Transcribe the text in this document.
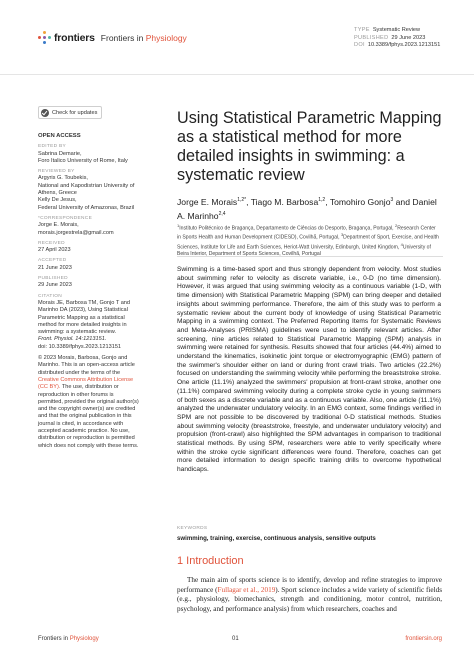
frontiers Frontiers in Physiology
TYPE Systematic Review
PUBLISHED 29 June 2023
DOI 10.3389/fphys.2023.1213151
Check for updates
OPEN ACCESS
EDITED BY

Sabrina Demarie,
Foro Italico University of Rome, Italy

REVIEWED BY

Argyris G. Toubekis,
National and Kapodistrian University of
Athens, Greece
Kelly De Jesus,
Federal University of Amazonas, Brazil

*CORRESPONDENCE

Jorge E. Morais,
morais.jorgestrela@gmail.com

RECEIVED

27 April 2023

ACCEPTED

21 June 2023

PUBLISHED

29 June 2023

CITATION

Morais JE, Barbosa TM, Gonjo T and
Marinho DA (2023), Using Statistical
Parametric Mapping as a statistical
method for more detailed insights in
swimming: a systematic review.
Front. Physiol. 14:1213151.
doi: 10.3389/fphys.2023.1213151

© 2023 Morais, Barbosa, Gonjo and
Marinho. This is an open-access article
distributed under the terms of the
Creative Commons Attribution License
(CC BY). The use, distribution or
reproduction in other forums is
permitted, provided the original author(s)
and the copyright owner(s) are credited
and that the original publication in this
journal is cited, in accordance with
accepted academic practice. No use,
distribution or reproduction is permitted
which does not comply with these terms.

Using Statistical Parametric Mapping as a statistical method for more detailed insights in swimming: a systematic review
Jorge E. Morais$^{1,2*}$, Tiago M. Barbosa$^{1,2}$, Tomohiro Gonjo$^3$ and Daniel A. Marinho$^{2,4}$
$^1$Instituto Politécnico de Bragança, Departamento de Ciências do Desporto, Bragança, Portugal, $^2$Research Center in Sports Health and Human Development (CIDESD), Covilhã, Portugal, $^3$Department of Sport, Exercise, and Health Sciences, Institute for Life and Earth Sciences, Heriot-Watt University, Edinburgh, United Kingdom, $^4$University of Beira Interior, Department of Sports Sciences, Covilhã, Portugal

Swimming is a time-based sport and thus strongly dependent from velocity. Most studies about swimming refer to velocity as discrete variable, i.e., 0-D (no time dimension). However, it was argued that using swimming velocity as a continuous variable (1-D, with time dimension) with Statistical Parametric Mapping (SPM) can bring deeper and detailed insights about swimming performance. Therefore, the aim of this study was to perform a systematic review about the current body of knowledge of using Statistical Parametric Mapping in a swimming context. The Preferred Reporting Items for Systematic Reviews and Meta-Analyses (PRISMA) guidelines were used to identify relevant articles. After screening, nine articles related to Statistical Parametric Mapping (SPM) analysis in swimming were retained for synthesis. Results showed that four articles (44.4%) aimed to understand the kinematics, isokinetic joint torque or electromyographic (EMG) pattern of the swimmer's shoulder either on land or during front crawl trials. Two articles (22.2%) focused on understanding the swimming velocity while performing the breaststroke stroke. One article (11.1%) analyzed the swimmers' propulsion at front-crawl stroke, another one (11.1%) compared swimming velocity during a complete stroke cycle in young swimmers of both sexes as a discrete variable and as a continuous variable. Also, one article (11.1%) analyzed the underwater undulatory velocity. In an EMG context, some findings verified in SPM are not possible to be discovered by traditional 0-D statistical methods. Studies about swimming velocity (breaststroke, freestyle, and underwater undulatory velocity) and propulsion (front-crawl) also highlighted the SPM advantages in comparison to traditional statistical methods. By using SPM, researchers were able to verify specifically where within the stroke cycle significant differences were found. Therefore, coaches can get more detailed information to design specific training drills to overcome hypothetical handicaps.

KEYWORDS
swimming, training, exercise, continuous analysis, sensitive outputs
1 Introduction

The main aim of sports science is to identify, develop and refine strategies to improve performance (Fullagar et al., 2019). Sport science includes a wide variety of scientific fields (e.g., physiology, biomechanics, strength and conditioning, motor control, nutrition, psychology, and performance analysis) from which researchers, coaches and

Frontiers in Physiology	01	frontiersin.org
